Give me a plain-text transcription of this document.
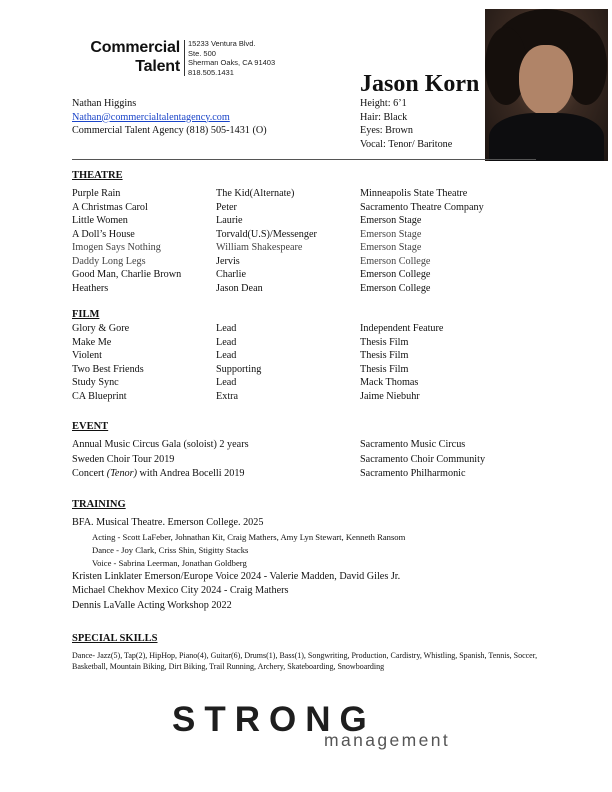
Commercial
Talent
15233 Ventura Blvd.
Ste. 500
Sherman Oaks, CA 91403
818.505.1431	Jason Korn
Nathan Higgins
Nathan@commercialtalentagency.com
Commercial Talent Agency (818) 505-1431 (O)
Height: 6’1
Hair: Black
Eyes: Brown
Vocal: Tenor/ Baritone
THEATRE
Purple Rain	The Kid(Alternate)	Minneapolis State Theatre
A Christmas Carol	Peter	Sacramento Theatre Company
Little Women	Laurie	Emerson Stage
A Doll’s House	Torvald(U.S)/Messenger	Emerson Stage
Imogen Says Nothing	William Shakespeare	Emerson Stage
Daddy Long Legs	Jervis	Emerson College
Good Man, Charlie Brown	Charlie	Emerson College
Heathers	Jason Dean	Emerson College
FILM
Glory & Gore	Lead	Independent Feature
Make Me	Lead	Thesis Film
Violent	Lead	Thesis Film
Two Best Friends	Supporting	Thesis Film
Study Sync	Lead	Mack Thomas
CA Blueprint	Extra	Jaime Niebuhr
EVENT
Annual Music Circus Gala (soloist) 2 years	Sacramento Music Circus
Sweden Choir Tour 2019	Sacramento Choir Community
Concert (Tenor) with Andrea Bocelli 2019	Sacramento Philharmonic
TRAINING
BFA. Musical Theatre. Emerson College. 2025
Acting - Scott LaFeber, Johnathan Kit, Craig Mathers, Amy Lyn Stewart, Kenneth Ransom
Dance - Joy Clark, Criss Shin, Stigitty Stacks
Voice - Sabrina Leerman, Jonathan Goldberg
Kristen Linklater Emerson/Europe Voice 2024 - Valerie Madden, David Giles Jr.
Michael Chekhov Mexico City 2024 - Craig Mathers
Dennis LaValle Acting Workshop 2022
SPECIAL SKILLS
Dance- Jazz(5), Tap(2), HipHop, Piano(4), Guitar(6), Drums(1), Bass(1), Songwriting, Production, Cardistry, Whistling, Spanish, Tennis, Soccer, Basketball, Mountain Biking, Dirt Biking, Trail Running, Archery, Skateboarding, Snowboarding
STRONG
management
